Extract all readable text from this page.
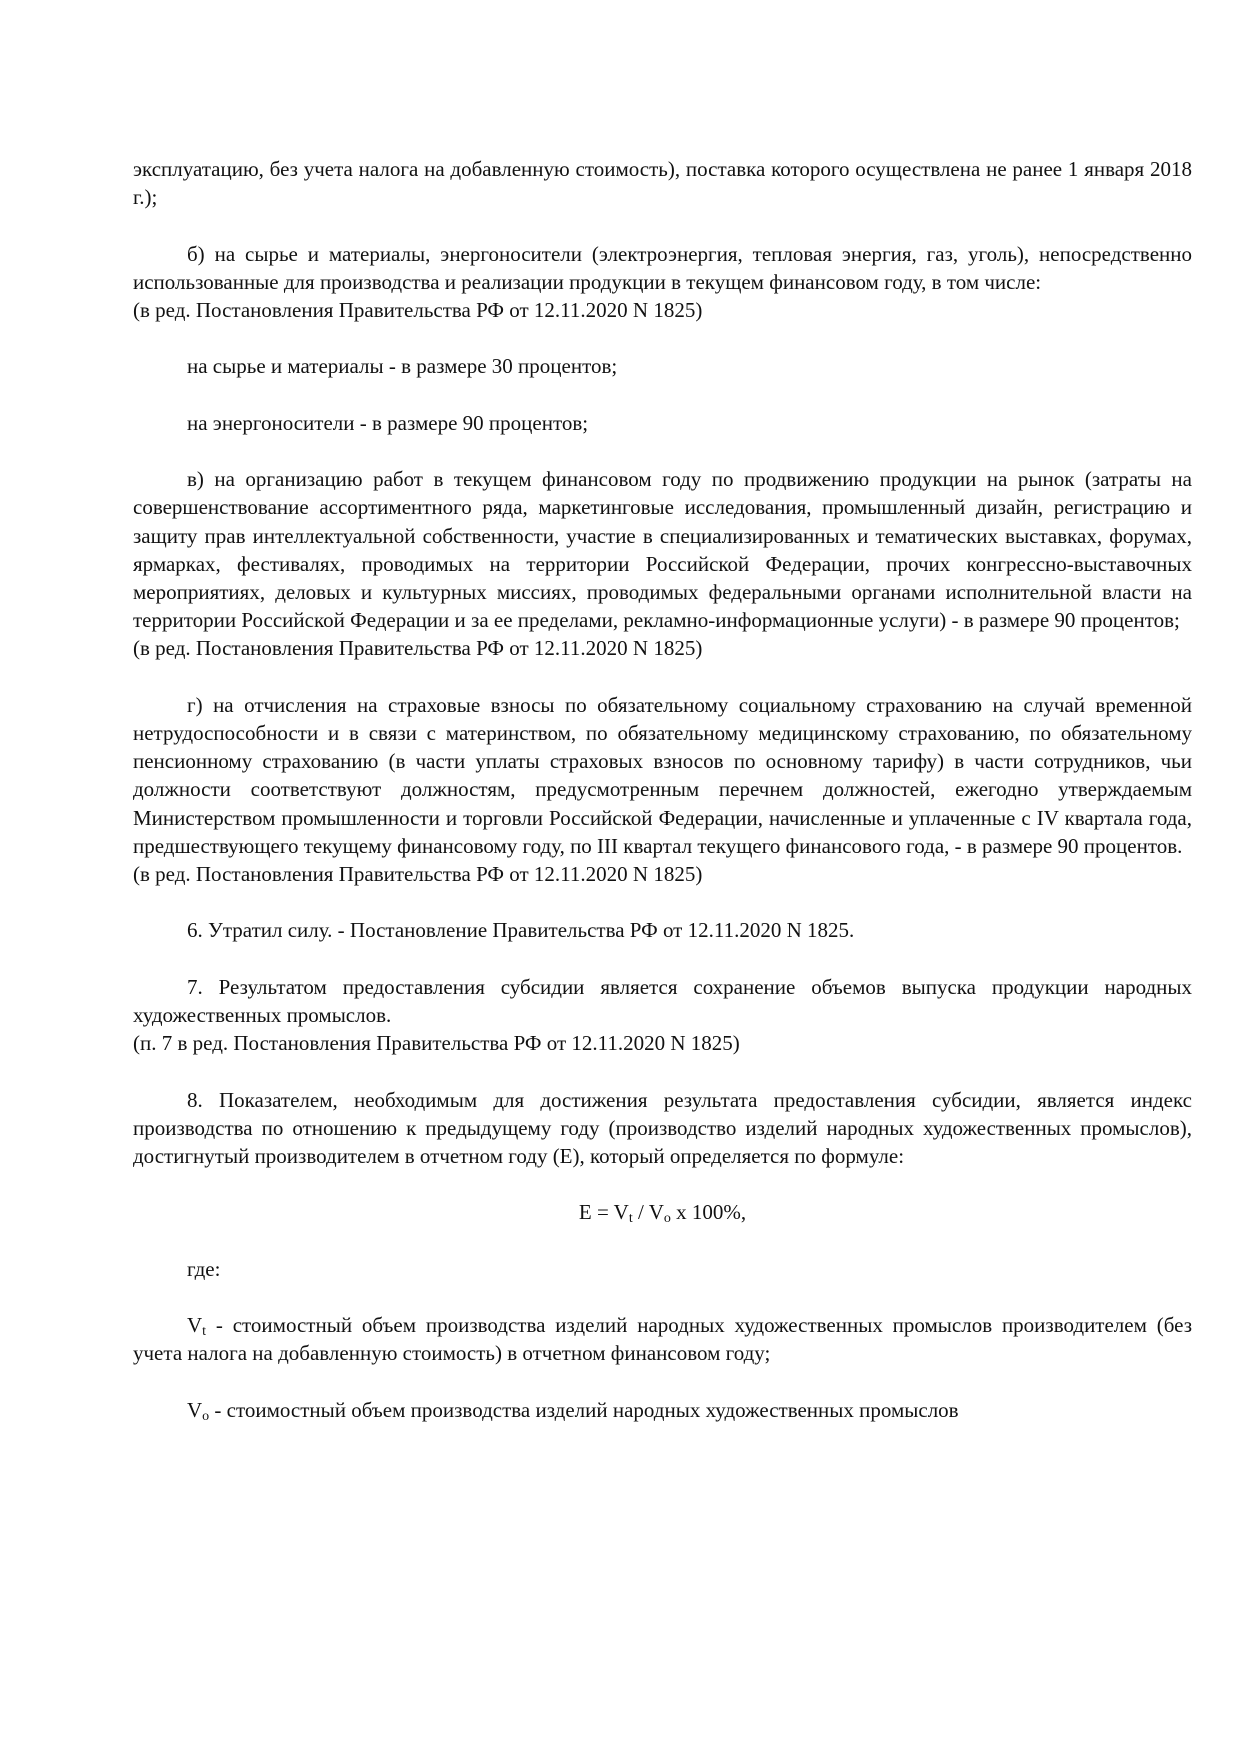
эксплуатацию, без учета налога на добавленную стоимость), поставка которого осуществлена не ранее 1 января 2018 г.);

б) на сырье и материалы, энергоносители (электроэнергия, тепловая энергия, газ, уголь), непосредственно использованные для производства и реализации продукции в текущем финансовом году, в том числе:

(в ред. Постановления Правительства РФ от 12.11.2020 N 1825)

на сырье и материалы - в размере 30 процентов;

на энергоносители - в размере 90 процентов;

в) на организацию работ в текущем финансовом году по продвижению продукции на рынок (затраты на совершенствование ассортиментного ряда, маркетинговые исследования, промышленный дизайн, регистрацию и защиту прав интеллектуальной собственности, участие в специализированных и тематических выставках, форумах, ярмарках, фестивалях, проводимых на территории Российской Федерации, прочих конгрессно-выставочных мероприятиях, деловых и культурных миссиях, проводимых федеральными органами исполнительной власти на территории Российской Федерации и за ее пределами, рекламно-информационные услуги) - в размере 90 процентов;

(в ред. Постановления Правительства РФ от 12.11.2020 N 1825)

г) на отчисления на страховые взносы по обязательному социальному страхованию на случай временной нетрудоспособности и в связи с материнством, по обязательному медицинскому страхованию, по обязательному пенсионному страхованию (в части уплаты страховых взносов по основному тарифу) в части сотрудников, чьи должности соответствуют должностям, предусмотренным перечнем должностей, ежегодно утверждаемым Министерством промышленности и торговли Российской Федерации, начисленные и уплаченные с IV квартала года, предшествующего текущему финансовому году, по III квартал текущего финансового года, - в размере 90 процентов.

(в ред. Постановления Правительства РФ от 12.11.2020 N 1825)

6. Утратил силу. - Постановление Правительства РФ от 12.11.2020 N 1825.

7. Результатом предоставления субсидии является сохранение объемов выпуска продукции народных художественных промыслов.

(п. 7 в ред. Постановления Правительства РФ от 12.11.2020 N 1825)

8. Показателем, необходимым для достижения результата предоставления субсидии, является индекс производства по отношению к предыдущему году (производство изделий народных художественных промыслов), достигнутый производителем в отчетном году (E), который определяется по формуле:

$E = V_t / V_o$ x 100%,

где:

$V_t$ - стоимостный объем производства изделий народных художественных промыслов производителем (без учета налога на добавленную стоимость) в отчетном финансовом году;

$V_o$ - стоимостный объем производства изделий народных художественных промыслов
